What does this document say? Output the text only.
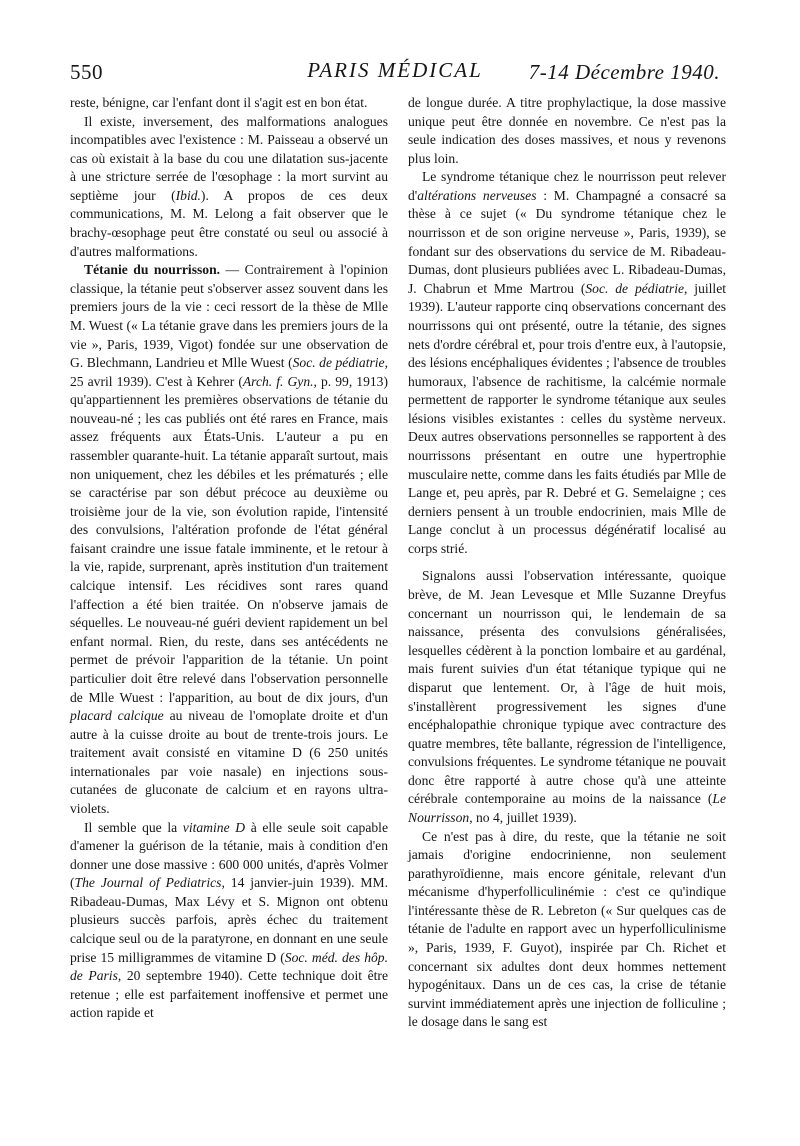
550	PARIS MÉDICAL	7-14 Décembre 1940.

reste, bénigne, car l'enfant dont il s'agit est en bon état.

Il existe, inversement, des malformations analogues incompatibles avec l'existence : M. Paisseau a observé un cas où existait à la base du cou une dilatation sus-jacente à une stricture serrée de l'œsophage : la mort survint au septième jour (Ibid.). A propos de ces deux communications, M. M. Lelong a fait observer que le brachy-œsophage peut être constaté ou seul ou associé à d'autres malformations.

Tétanie du nourrisson. — Contrairement à l'opinion classique, la tétanie peut s'observer assez souvent dans les premiers jours de la vie : ceci ressort de la thèse de Mlle M. Wuest (« La tétanie grave dans les premiers jours de la vie », Paris, 1939, Vigot) fondée sur une observation de G. Blechmann, Landrieu et Mlle Wuest (Soc. de pédiatrie, 25 avril 1939). C'est à Kehrer (Arch. f. Gyn., p. 99, 1913) qu'appartiennent les premières observations de tétanie du nouveau-né ; les cas publiés ont été rares en France, mais assez fréquents aux États-Unis. L'auteur a pu en rassembler quarante-huit. La tétanie apparaît surtout, mais non uniquement, chez les débiles et les prématurés ; elle se caractérise par son début précoce au deuxième ou troisième jour de la vie, son évolution rapide, l'intensité des convulsions, l'altération profonde de l'état général faisant craindre une issue fatale imminente, et le retour à la vie, rapide, surprenant, après institution d'un traitement calcique intensif. Les récidives sont rares quand l'affection a été bien traitée. On n'observe jamais de séquelles. Le nouveau-né guéri devient rapidement un bel enfant normal. Rien, du reste, dans ses antécédents ne permet de prévoir l'apparition de la tétanie. Un point particulier doit être relevé dans l'observation personnelle de Mlle Wuest : l'apparition, au bout de dix jours, d'un placard calcique au niveau de l'omoplate droite et d'un autre à la cuisse droite au bout de trente-trois jours. Le traitement avait consisté en vitamine D (6 250 unités internationales par voie nasale) en injections sous-cutanées de gluconate de calcium et en rayons ultra-violets.

Il semble que la vitamine D à elle seule soit capable d'amener la guérison de la tétanie, mais à condition d'en donner une dose massive : 600 000 unités, d'après Volmer (The Journal of Pediatrics, 14 janvier-juin 1939). MM. Ribadeau-Dumas, Max Lévy et S. Mignon ont obtenu plusieurs succès parfois, après échec du traitement calcique seul ou de la paratyrone, en donnant en une seule prise 15 milligrammes de vitamine D (Soc. méd. des hôp. de Paris, 20 septembre 1940). Cette technique doit être retenue ; elle est parfaitement inoffensive et permet une action rapide et

de longue durée. A titre prophylactique, la dose massive unique peut être donnée en novembre. Ce n'est pas la seule indication des doses massives, et nous y revenons plus loin.

Le syndrome tétanique chez le nourrisson peut relever d'altérations nerveuses : M. Champagné a consacré sa thèse à ce sujet (« Du syndrome tétanique chez le nourrisson et de son origine nerveuse », Paris, 1939), se fondant sur des observations du service de M. Ribadeau-Dumas, dont plusieurs publiées avec L. Ribadeau-Dumas, J. Chabrun et Mme Martrou (Soc. de pédiatrie, juillet 1939). L'auteur rapporte cinq observations concernant des nourrissons qui ont présenté, outre la tétanie, des signes nets d'ordre cérébral et, pour trois d'entre eux, à l'autopsie, des lésions encéphaliques évidentes ; l'absence de troubles humoraux, l'absence de rachitisme, la calcémie normale permettent de rapporter le syndrome tétanique aux seules lésions visibles existantes : celles du système nerveux. Deux autres observations personnelles se rapportent à des nourrissons présentant en outre une hypertrophie musculaire nette, comme dans les faits étudiés par Mlle de Lange et, peu après, par R. Debré et G. Semelaigne ; ces derniers pensent à un trouble endocrinien, mais Mlle de Lange conclut à un processus dégénératif localisé au corps strié.

Signalons aussi l'observation intéressante, quoique brève, de M. Jean Levesque et Mlle Suzanne Dreyfus concernant un nourrisson qui, le lendemain de sa naissance, présenta des convulsions généralisées, lesquelles cédèrent à la ponction lombaire et au gardénal, mais furent suivies d'un état tétanique typique qui ne disparut que lentement. Or, à l'âge de huit mois, s'installèrent progressivement les signes d'une encéphalopathie chronique typique avec contracture des quatre membres, tête ballante, régression de l'intelligence, convulsions fréquentes. Le syndrome tétanique ne pouvait donc être rapporté à autre chose qu'à une atteinte cérébrale contemporaine au moins de la naissance (Le Nourrisson, no 4, juillet 1939).

Ce n'est pas à dire, du reste, que la tétanie ne soit jamais d'origine endocrinienne, non seulement parathyroïdienne, mais encore génitale, relevant d'un mécanisme d'hyperfolliculinémie : c'est ce qu'indique l'intéressante thèse de R. Lebreton (« Sur quelques cas de tétanie de l'adulte en rapport avec un hyperfolliculinisme », Paris, 1939, F. Guyot), inspirée par Ch. Richet et concernant six adultes dont deux hommes nettement hypogénitaux. Dans un de ces cas, la crise de tétanie survint immédiatement après une injection de folliculine ; le dosage dans le sang est
